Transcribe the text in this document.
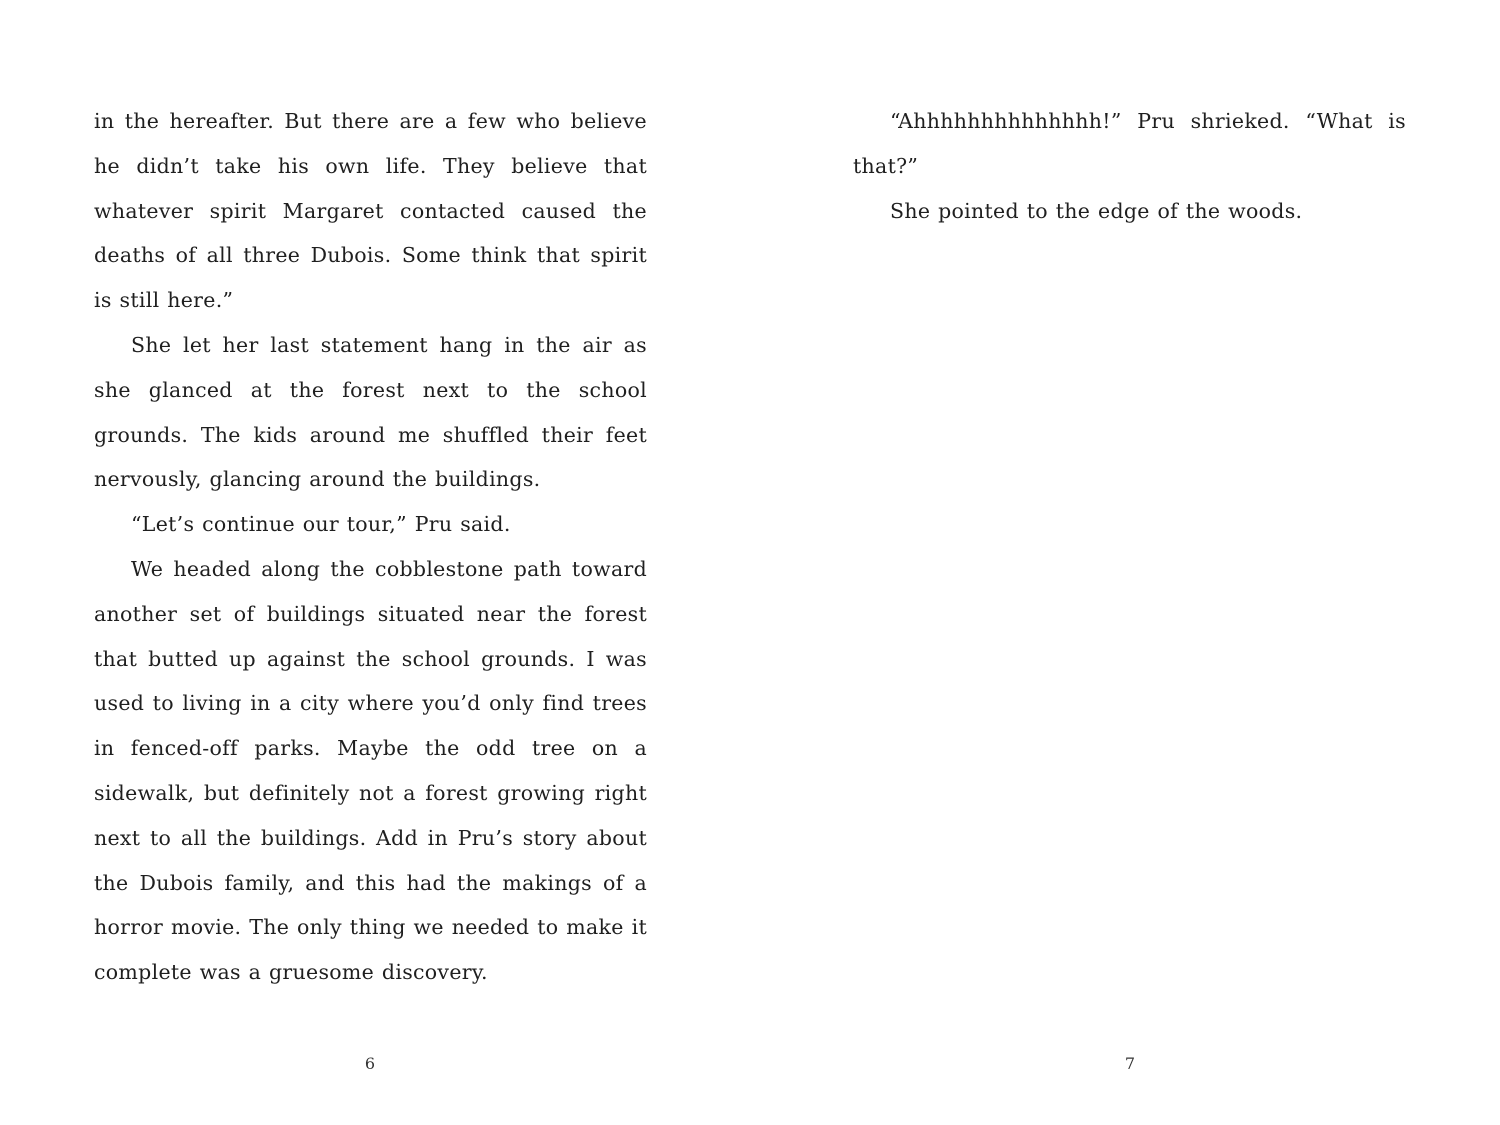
in the hereafter. But there are a few who believe he didn’t take his own life. They believe that whatever spirit Margaret contacted caused the deaths of all three Dubois. Some think that spirit is still here.”

She let her last statement hang in the air as she glanced at the forest next to the school grounds. The kids around me shuffled their feet nervously, glancing around the buildings.

“Let’s continue our tour,” Pru said.

We headed along the cobblestone path toward another set of buildings situated near the forest that butted up against the school grounds. I was used to living in a city where you’d only find trees in fenced-off parks. Maybe the odd tree on a sidewalk, but definitely not a forest growing right next to all the buildings. Add in Pru’s story about the Dubois family, and this had the makings of a horror movie. The only thing we needed to make it complete was a gruesome discovery.

6

“Ahhhhhhhhhhhhhh!” Pru shrieked. “What is that?”

She pointed to the edge of the woods.

7
